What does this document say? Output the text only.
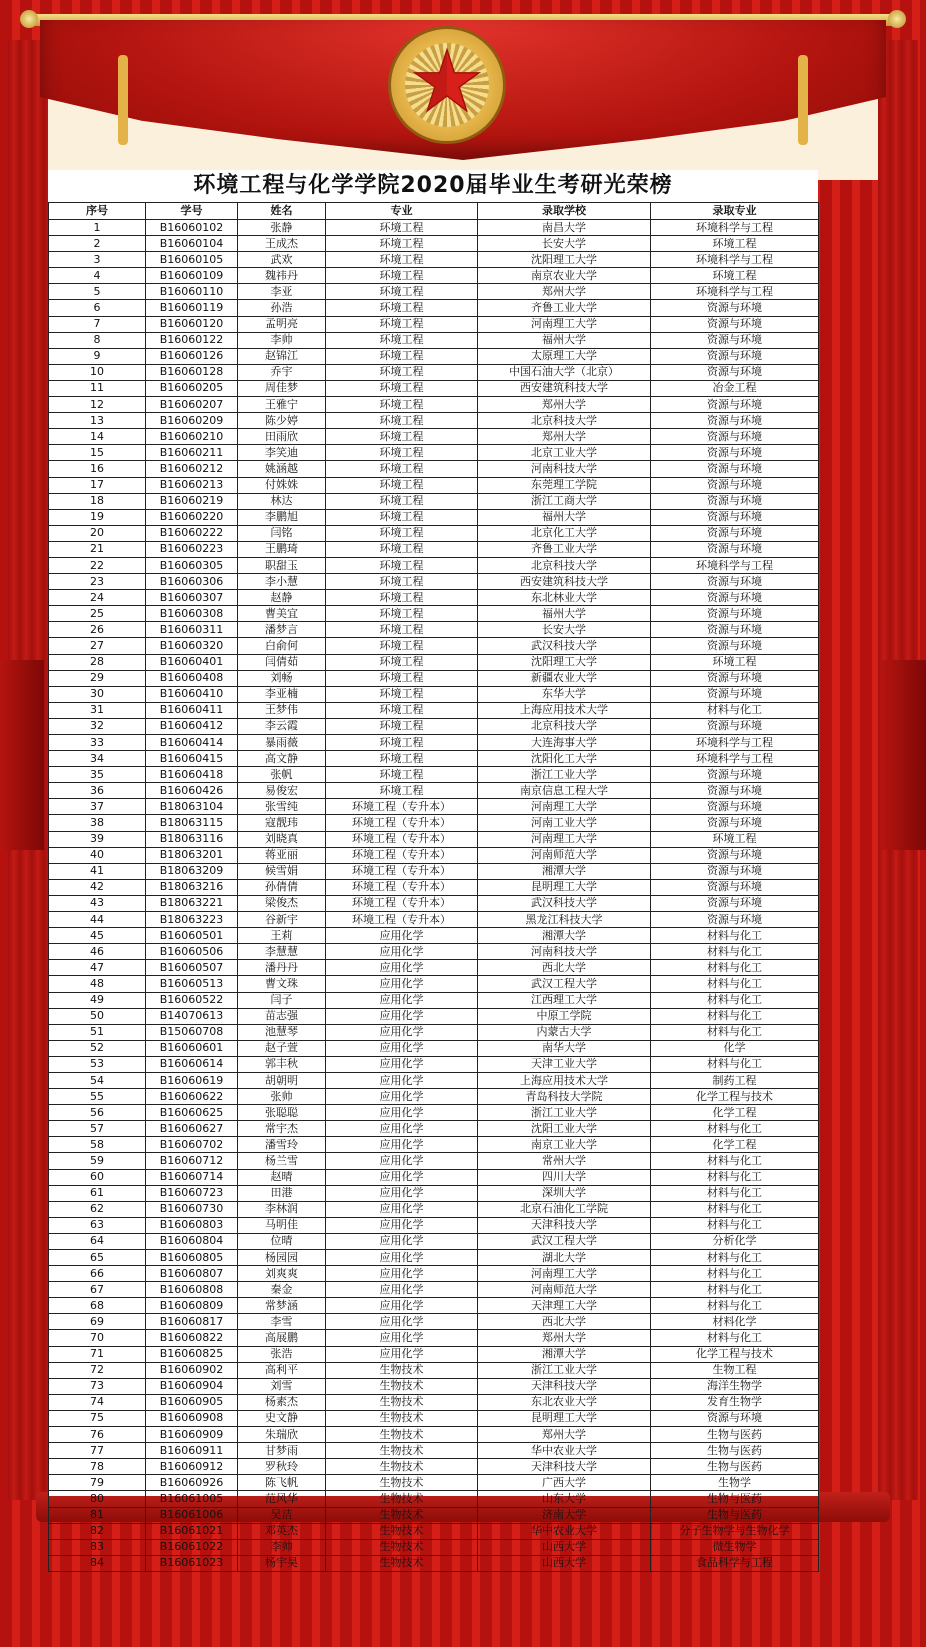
环境工程与化学学院2020届毕业生考研光荣榜
序号	学号	姓名	专业	录取学校	录取专业
1	B16060102	张静	环境工程	南昌大学	环境科学与工程
2	B16060104	王成杰	环境工程	长安大学	环境工程
3	B16060105	武欢	环境工程	沈阳理工大学	环境科学与工程
4	B16060109	魏祎丹	环境工程	南京农业大学	环境工程
5	B16060110	李亚	环境工程	郑州大学	环境科学与工程
6	B16060119	孙浩	环境工程	齐鲁工业大学	资源与环境
7	B16060120	孟明亮	环境工程	河南理工大学	资源与环境
8	B16060122	李帅	环境工程	福州大学	资源与环境
9	B16060126	赵锦江	环境工程	太原理工大学	资源与环境
10	B16060128	乔宇	环境工程	中国石油大学（北京）	资源与环境
11	B16060205	周佳梦	环境工程	西安建筑科技大学	冶金工程
12	B16060207	王雅宁	环境工程	郑州大学	资源与环境
13	B16060209	陈少婷	环境工程	北京科技大学	资源与环境
14	B16060210	田雨欣	环境工程	郑州大学	资源与环境
15	B16060211	李笑迪	环境工程	北京工业大学	资源与环境
16	B16060212	姚涵越	环境工程	河南科技大学	资源与环境
17	B16060213	付姝姝	环境工程	东莞理工学院	资源与环境
18	B16060219	林达	环境工程	浙江工商大学	资源与环境
19	B16060220	李鹏旭	环境工程	福州大学	资源与环境
20	B16060222	闫铭	环境工程	北京化工大学	资源与环境
21	B16060223	王鹏琦	环境工程	齐鲁工业大学	资源与环境
22	B16060305	职甜玉	环境工程	北京科技大学	环境科学与工程
23	B16060306	李小慧	环境工程	西安建筑科技大学	资源与环境
24	B16060307	赵静	环境工程	东北林业大学	资源与环境
25	B16060308	曹美宜	环境工程	福州大学	资源与环境
26	B16060311	潘梦言	环境工程	长安大学	资源与环境
27	B16060320	白俞何	环境工程	武汉科技大学	资源与环境
28	B16060401	闫倩茹	环境工程	沈阳理工大学	环境工程
29	B16060408	刘畅	环境工程	新疆农业大学	资源与环境
30	B16060410	李亚楠	环境工程	东华大学	资源与环境
31	B16060411	王梦伟	环境工程	上海应用技术大学	材料与化工
32	B16060412	李云霞	环境工程	北京科技大学	资源与环境
33	B16060414	暴雨薇	环境工程	大连海事大学	环境科学与工程
34	B16060415	高文静	环境工程	沈阳化工大学	环境科学与工程
35	B16060418	张帆	环境工程	浙江工业大学	资源与环境
36	B16060426	易俊宏	环境工程	南京信息工程大学	资源与环境
37	B18063104	张雪纯	环境工程（专升本）	河南理工大学	资源与环境
38	B18063115	寇靓玮	环境工程（专升本）	河南工业大学	资源与环境
39	B18063116	刘晓真	环境工程（专升本）	河南理工大学	环境工程
40	B18063201	蒋亚丽	环境工程（专升本）	河南师范大学	资源与环境
41	B18063209	候雪娟	环境工程（专升本）	湘潭大学	资源与环境
42	B18063216	孙倩倩	环境工程（专升本）	昆明理工大学	资源与环境
43	B18063221	梁俊杰	环境工程（专升本）	武汉科技大学	资源与环境
44	B18063223	谷新宇	环境工程（专升本）	黑龙江科技大学	资源与环境
45	B16060501	王莉	应用化学	湘潭大学	材料与化工
46	B16060506	李慧慧	应用化学	河南科技大学	材料与化工
47	B16060507	潘丹丹	应用化学	西北大学	材料与化工
48	B16060513	曹文珠	应用化学	武汉工程大学	材料与化工
49	B16060522	闫子	应用化学	江西理工大学	材料与化工
50	B14070613	苗志强	应用化学	中原工学院	材料与化工
51	B15060708	池慧琴	应用化学	内蒙古大学	材料与化工
52	B16060601	赵子萱	应用化学	南华大学	化学
53	B16060614	郭丰秋	应用化学	天津工业大学	材料与化工
54	B16060619	胡朝明	应用化学	上海应用技术大学	制药工程
55	B16060622	张帅	应用化学	青岛科技大学院	化学工程与技术
56	B16060625	张聪聪	应用化学	浙江工业大学	化学工程
57	B16060627	常宇杰	应用化学	沈阳工业大学	材料与化工
58	B16060702	潘雪玲	应用化学	南京工业大学	化学工程
59	B16060712	杨兰雪	应用化学	常州大学	材料与化工
60	B16060714	赵晴	应用化学	四川大学	材料与化工
61	B16060723	田港	应用化学	深圳大学	材料与化工
62	B16060730	李林润	应用化学	北京石油化工学院	材料与化工
63	B16060803	马明佳	应用化学	天津科技大学	材料与化工
64	B16060804	位晴	应用化学	武汉工程大学	分析化学
65	B16060805	杨园园	应用化学	湖北大学	材料与化工
66	B16060807	刘爽爽	应用化学	河南理工大学	材料与化工
67	B16060808	秦金	应用化学	河南师范大学	材料与化工
68	B16060809	常梦涵	应用化学	天津理工大学	材料与化工
69	B16060817	李雪	应用化学	西北大学	材料化学
70	B16060822	高展鹏	应用化学	郑州大学	材料与化工
71	B16060825	张浩	应用化学	湘潭大学	化学工程与技术
72	B16060902	高利平	生物技术	浙江工业大学	生物工程
73	B16060904	刘雪	生物技术	天津科技大学	海洋生物学
74	B16060905	杨素杰	生物技术	东北农业大学	发育生物学
75	B16060908	史文静	生物技术	昆明理工大学	资源与环境
76	B16060909	朱瑞欣	生物技术	郑州大学	生物与医药
77	B16060911	甘梦雨	生物技术	华中农业大学	生物与医药
78	B16060912	罗秋玲	生物技术	天津科技大学	生物与医药
79	B16060926	陈飞帆	生物技术	广西大学	生物学
80	B16061005	范风华	生物技术	山东大学	生物与医药
81	B16061006	吴洁	生物技术	济南大学	生物与医药
82	B16061021	邓英杰	生物技术	华中农业大学	分子生物学与生物化学
83	B16061022	李帅	生物技术	山西大学	微生物学
84	B16061023	杨宇昊	生物技术	山西大学	食品科学与工程
